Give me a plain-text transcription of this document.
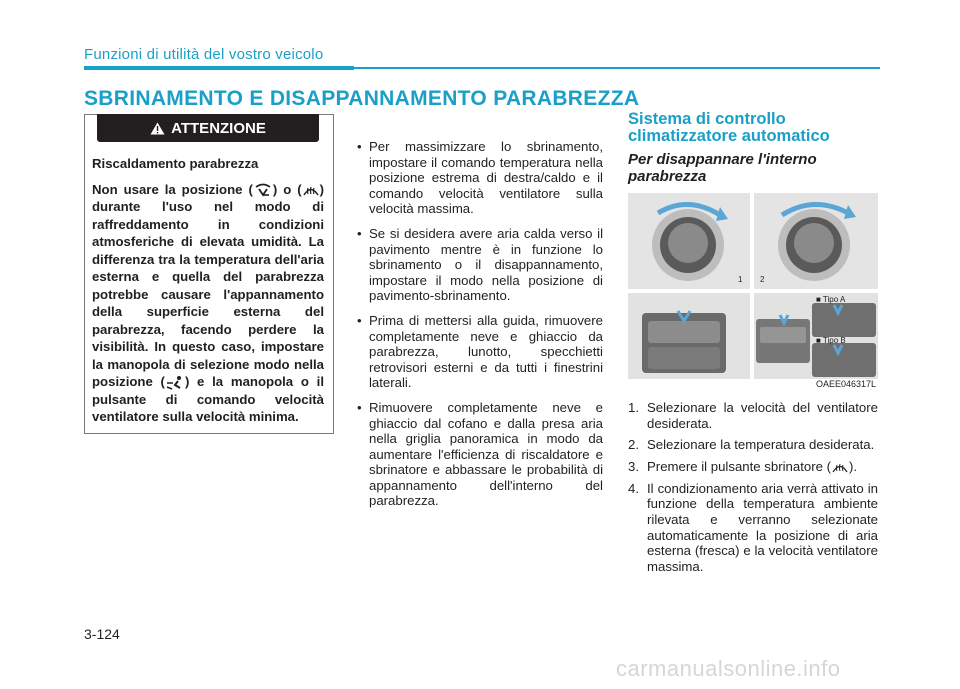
Funzioni di utilità del vostro veicolo
SBRINAMENTO E DISAPPANNAMENTO PARABREZZA
ATTENZIONE

Riscaldamento parabrezza

Non usare la posizione ( ) o ( ) durante l'uso nel modo di raffreddamento in condizioni atmosferiche di elevata umidità. La differenza tra la temperatura dell'aria esterna e quella del parabrezza potrebbe causare l'appannamento della superficie esterna del parabrezza, facendo perdere la visibilità. In questo caso, impostare la manopola di selezione modo nella posizione ( ) e la manopola o il pulsante di comando velocità ventilatore sulla velocità minima.

• Per massimizzare lo sbrinamento, impostare il comando temperatura nella posizione estrema di destra/caldo e il comando velocità ventilatore sulla velocità massima.
• Se si desidera avere aria calda verso il pavimento mentre è in funzione lo sbrinamento o il disappannamento, impostare il modo nella posizione di pavimento-sbrinamento.
• Prima di mettersi alla guida, rimuovere completamente neve e ghiaccio da parabrezza, lunotto, specchietti retrovisori esterni e da tutti i finestrini laterali.
• Rimuovere completamente neve e ghiaccio dal cofano e dalla presa aria nella griglia panoramica in modo da aumentare l'efficienza di riscaldatore e sbrinatore e abbassare le probabilità di appannamento dell'interno del parabrezza.
Sistema di controllo climatizzatore automatico
Per disappannare l'interno parabrezza
1 2
■ Tipo A
■ Tipo B
OAEE046317L
1. Selezionare la velocità del ventilatore desiderata.
2. Selezionare la temperatura desiderata.
3. Premere il pulsante sbrinatore ( ).
4. Il condizionamento aria verrà attivato in funzione della temperatura ambiente rilevata e verranno selezionate automaticamente la posizione di aria esterna (fresca) e la velocità ventilatore massima.
3-124
carmanualsonline.info
